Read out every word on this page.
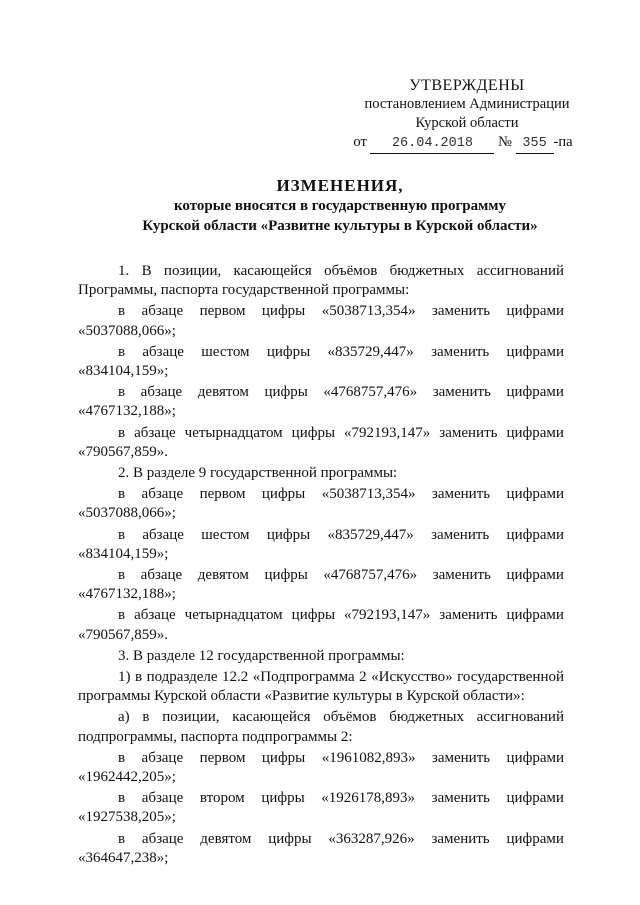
УТВЕРЖДЕНЫ
постановлением Администрации
Курской области
от 26.04.2018 № 355 -па
ИЗМЕНЕНИЯ,
которые вносятся в государственную программу
Курской области «Развитне культуры в Курской области»

1. В позиции, касающейся объёмов бюджетных ассигнований Программы, паспорта государственной программы:

в абзаце первом цифры «5038713,354» заменить цифрами

«5037088,066»;

в абзаце шестом цифры «835729,447» заменить цифрами

«834104,159»;

в абзаце девятом цифры «4768757,476» заменить цифрами

«4767132,188»;

в абзаце четырнадцатом цифры «792193,147» заменить цифрами

«790567,859».

2. В разделе 9 государственной программы:

в абзаце первом цифры «5038713,354» заменить цифрами

«5037088,066»;

в абзаце шестом цифры «835729,447» заменить цифрами

«834104,159»;

в абзаце девятом цифры «4768757,476» заменить цифрами

«4767132,188»;

в абзаце четырнадцатом цифры «792193,147» заменить цифрами

«790567,859».

3. В разделе 12 государственной программы:

1) в подразделе 12.2 «Подпрограмма 2 «Искусство» государственной программы Курской области «Развитие культуры в Курской области»:

а) в позиции, касающейся объёмов бюджетных ассигнований подпрограммы, паспорта подпрограммы 2:

в абзаце первом цифры «1961082,893» заменить цифрами

«1962442,205»;

в абзаце втором цифры «1926178,893» заменить цифрами

«1927538,205»;

в абзаце девятом цифры «363287,926» заменить цифрами

«364647,238»;
